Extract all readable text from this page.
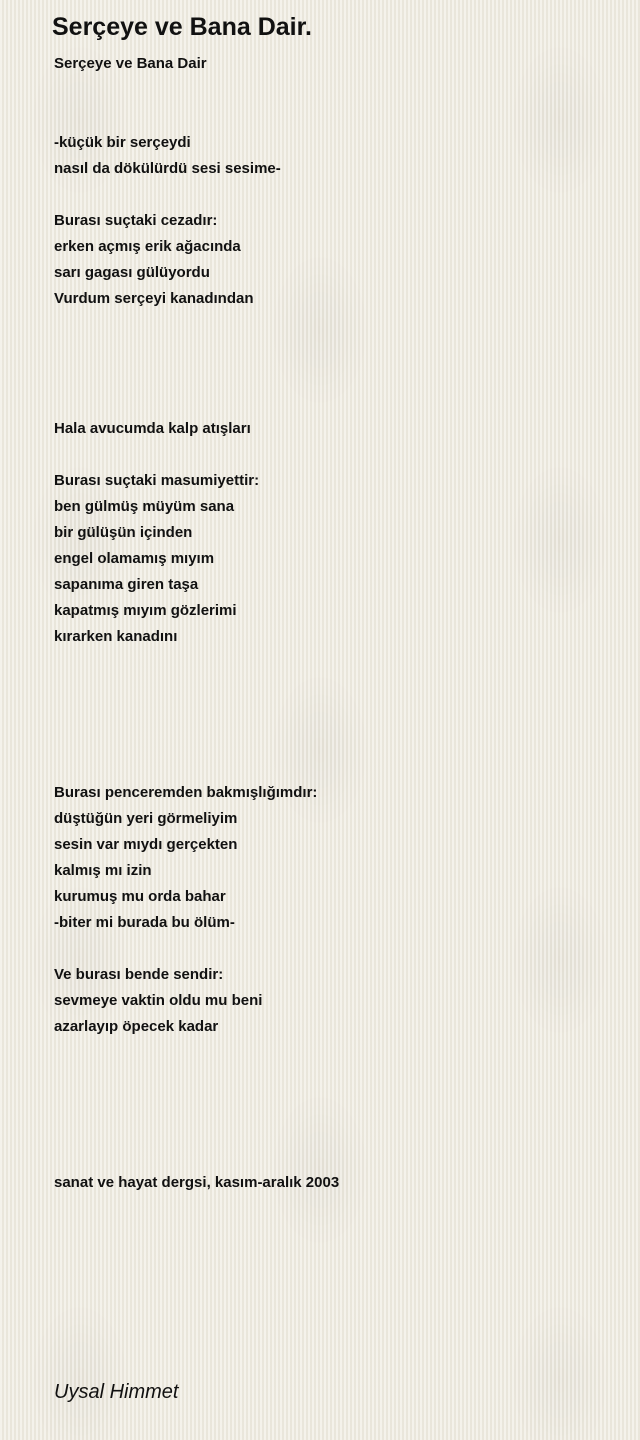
Serçeye ve Bana Dair.
Serçeye ve Bana Dair
-küçük bir serçeydi
nasıl da dökülürdü sesi sesime-

Burası suçtaki cezadır:
erken açmış erik ağacında
sarı gagası gülüyordu
Vurdum serçeyi kanadından

Hala avucumda kalp atışları

Burası suçtaki masumiyettir:
ben gülmüş müyüm sana
bir gülüşün içinden
engel olamamış mıyım
sapanıma giren taşa
kapatmış mıyım gözlerimi
kırarken kanadını

Burası penceremden bakmışlığımdır:
düştüğün yeri görmeliyim
sesin var mıydı gerçekten
kalmış mı izin
kurumuş mu orda bahar
-biter mi burada bu ölüm-

Ve burası bende sendir:
sevmeye vaktin oldu mu beni
azarlayıp öpecek kadar

sanat ve hayat dergsi, kasım-aralık 2003
Uysal Himmet
